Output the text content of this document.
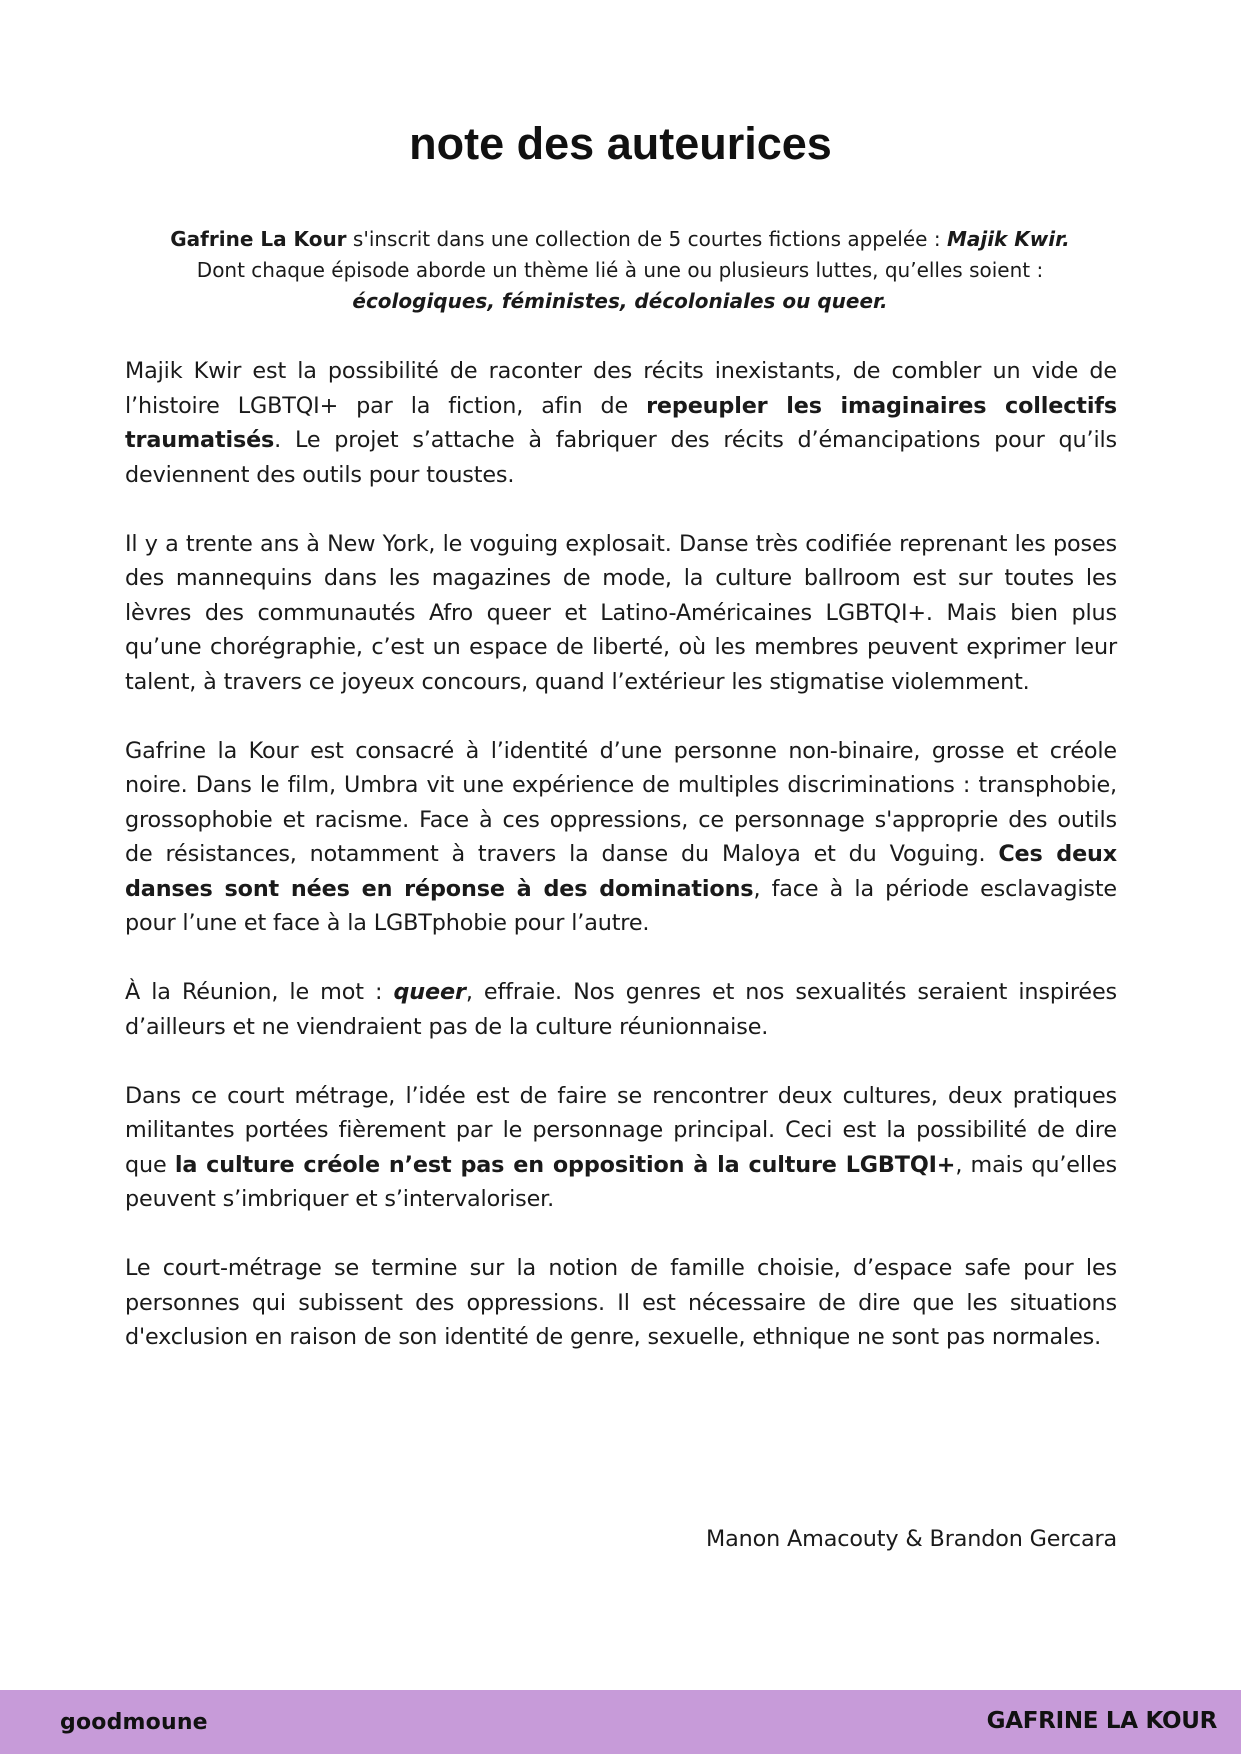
note des auteurices
Gafrine La Kour s'inscrit dans une collection de 5 courtes fictions appelée : Majik Kwir.
Dont chaque épisode aborde un thème lié à une ou plusieurs luttes, qu’elles soient :
écologiques, féministes, décoloniales ou queer.

Majik Kwir est la possibilité de raconter des récits inexistants, de combler un vide de l’histoire LGBTQI+ par la fiction, afin de repeupler les imaginaires collectifs traumatisés. Le projet s’attache à fabriquer des récits d’émancipations pour qu’ils deviennent des outils pour toustes.

Il y a trente ans à New York, le voguing explosait. Danse très codifiée reprenant les poses des mannequins dans les magazines de mode, la culture ballroom est sur toutes les lèvres des communautés Afro queer et Latino-Américaines LGBTQI+. Mais bien plus qu’une chorégraphie, c’est un espace de liberté, où les membres peuvent exprimer leur talent, à travers ce joyeux concours, quand l’extérieur les stigmatise violemment.

Gafrine la Kour est consacré à l’identité d’une personne non-binaire, grosse et créole noire. Dans le film, Umbra vit une expérience de multiples discriminations : transphobie, grossophobie et racisme. Face à ces oppressions, ce personnage s'approprie des outils de résistances, notamment à travers la danse du Maloya et du Voguing. Ces deux danses sont nées en réponse à des dominations, face à la période esclavagiste pour l’une et face à la LGBTphobie pour l’autre.

À la Réunion, le mot : queer, effraie. Nos genres et nos sexualités seraient inspirées d’ailleurs et ne viendraient pas de la culture réunionnaise.

Dans ce court métrage, l’idée est de faire se rencontrer deux cultures, deux pratiques militantes portées fièrement par le personnage principal. Ceci est la possibilité de dire que la culture créole n’est pas en opposition à la culture LGBTQI+, mais qu’elles peuvent s’imbriquer et s’intervaloriser.

Le court-métrage se termine sur la notion de famille choisie, d’espace safe pour les personnes qui subissent des oppressions. Il est nécessaire de dire que les situations d'exclusion en raison de son identité de genre, sexuelle, ethnique ne sont pas normales.

Manon Amacouty & Brandon Gercara
goodmoune	GAFRINE LA KOUR
